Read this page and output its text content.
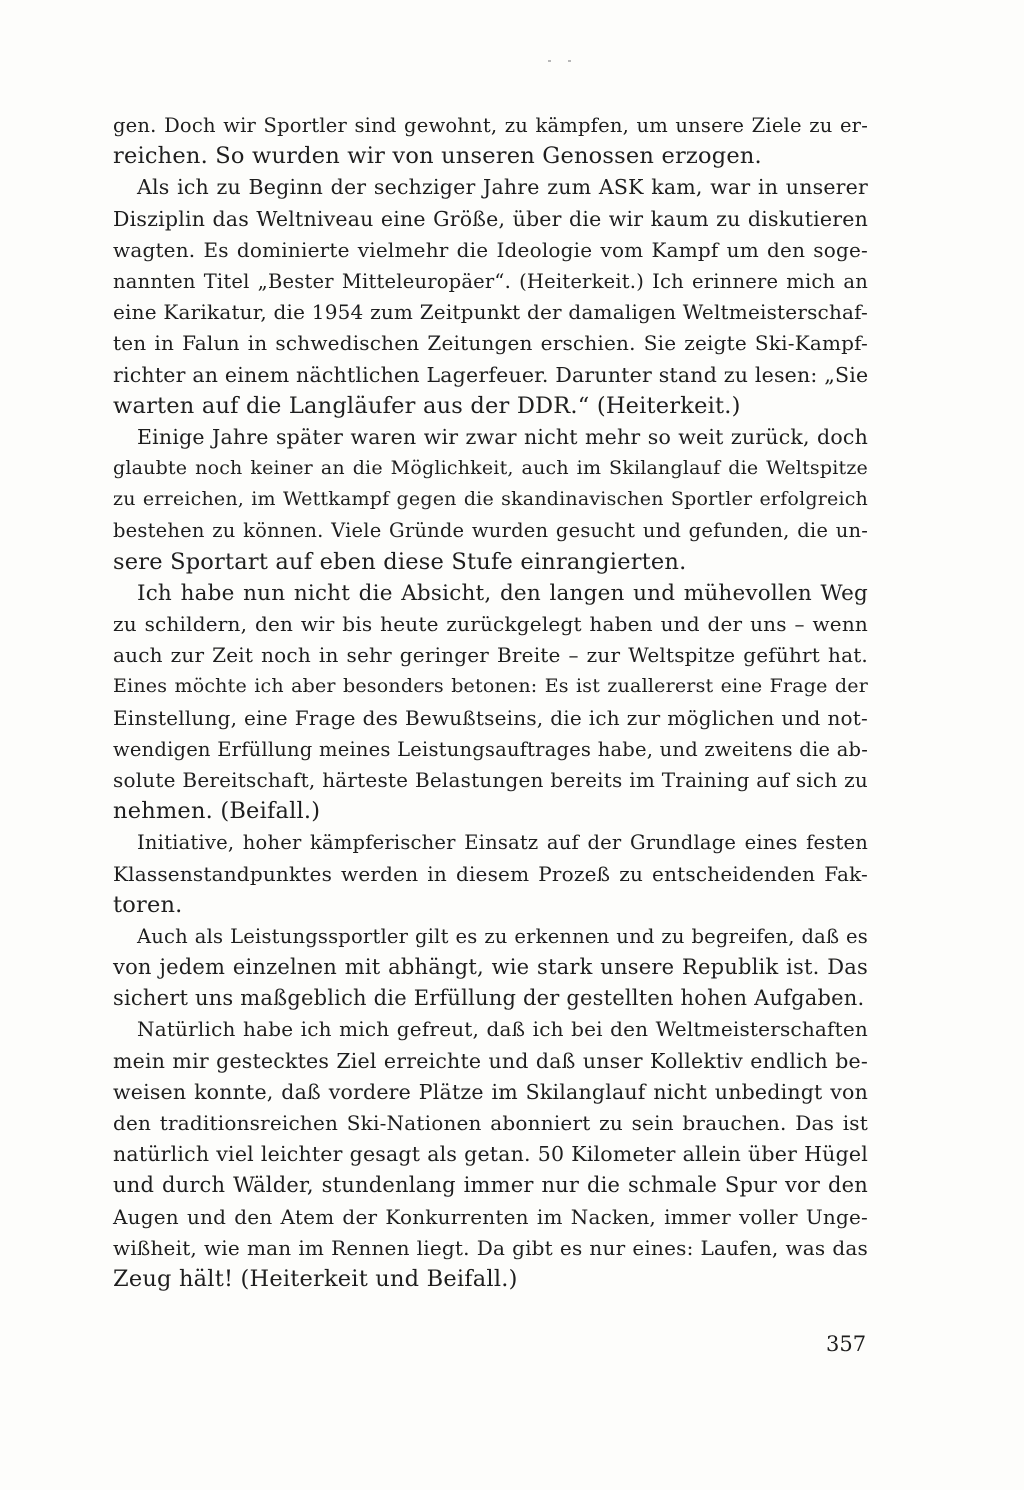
gen. Doch wir Sportler sind gewohnt, zu kämpfen, um unsere Ziele zu er-
reichen. So wurden wir von unseren Genossen erzogen.
Als ich zu Beginn der sechziger Jahre zum ASK kam, war in unserer
Disziplin das Weltniveau eine Größe, über die wir kaum zu diskutieren
wagten. Es dominierte vielmehr die Ideologie vom Kampf um den soge-
nannten Titel „Bester Mitteleuropäer“. (Heiterkeit.) Ich erinnere mich an
eine Karikatur, die 1954 zum Zeitpunkt der damaligen Weltmeisterschaf-
ten in Falun in schwedischen Zeitungen erschien. Sie zeigte Ski-Kampf-
richter an einem nächtlichen Lagerfeuer. Darunter stand zu lesen: „Sie
warten auf die Langläufer aus der DDR.“ (Heiterkeit.)
Einige Jahre später waren wir zwar nicht mehr so weit zurück, doch
glaubte noch keiner an die Möglichkeit, auch im Skilanglauf die Weltspitze
zu erreichen, im Wettkampf gegen die skandinavischen Sportler erfolgreich
bestehen zu können. Viele Gründe wurden gesucht und gefunden, die un-
sere Sportart auf eben diese Stufe einrangierten.
Ich habe nun nicht die Absicht, den langen und mühevollen Weg
zu schildern, den wir bis heute zurückgelegt haben und der uns – wenn
auch zur Zeit noch in sehr geringer Breite – zur Weltspitze geführt hat.
Eines möchte ich aber besonders betonen: Es ist zuallererst eine Frage der
Einstellung, eine Frage des Bewußtseins, die ich zur möglichen und not-
wendigen Erfüllung meines Leistungsauftrages habe, und zweitens die ab-
solute Bereitschaft, härteste Belastungen bereits im Training auf sich zu
nehmen. (Beifall.)
Initiative, hoher kämpferischer Einsatz auf der Grundlage eines festen
Klassenstandpunktes werden in diesem Prozeß zu entscheidenden Fak-
toren.
Auch als Leistungssportler gilt es zu erkennen und zu begreifen, daß es
von jedem einzelnen mit abhängt, wie stark unsere Republik ist. Das
sichert uns maßgeblich die Erfüllung der gestellten hohen Aufgaben.
Natürlich habe ich mich gefreut, daß ich bei den Weltmeisterschaften
mein mir gestecktes Ziel erreichte und daß unser Kollektiv endlich be-
weisen konnte, daß vordere Plätze im Skilanglauf nicht unbedingt von
den traditionsreichen Ski-Nationen abonniert zu sein brauchen. Das ist
natürlich viel leichter gesagt als getan. 50 Kilometer allein über Hügel
und durch Wälder, stundenlang immer nur die schmale Spur vor den
Augen und den Atem der Konkurrenten im Nacken, immer voller Unge-
wißheit, wie man im Rennen liegt. Da gibt es nur eines: Laufen, was das
Zeug hält! (Heiterkeit und Beifall.)
357
